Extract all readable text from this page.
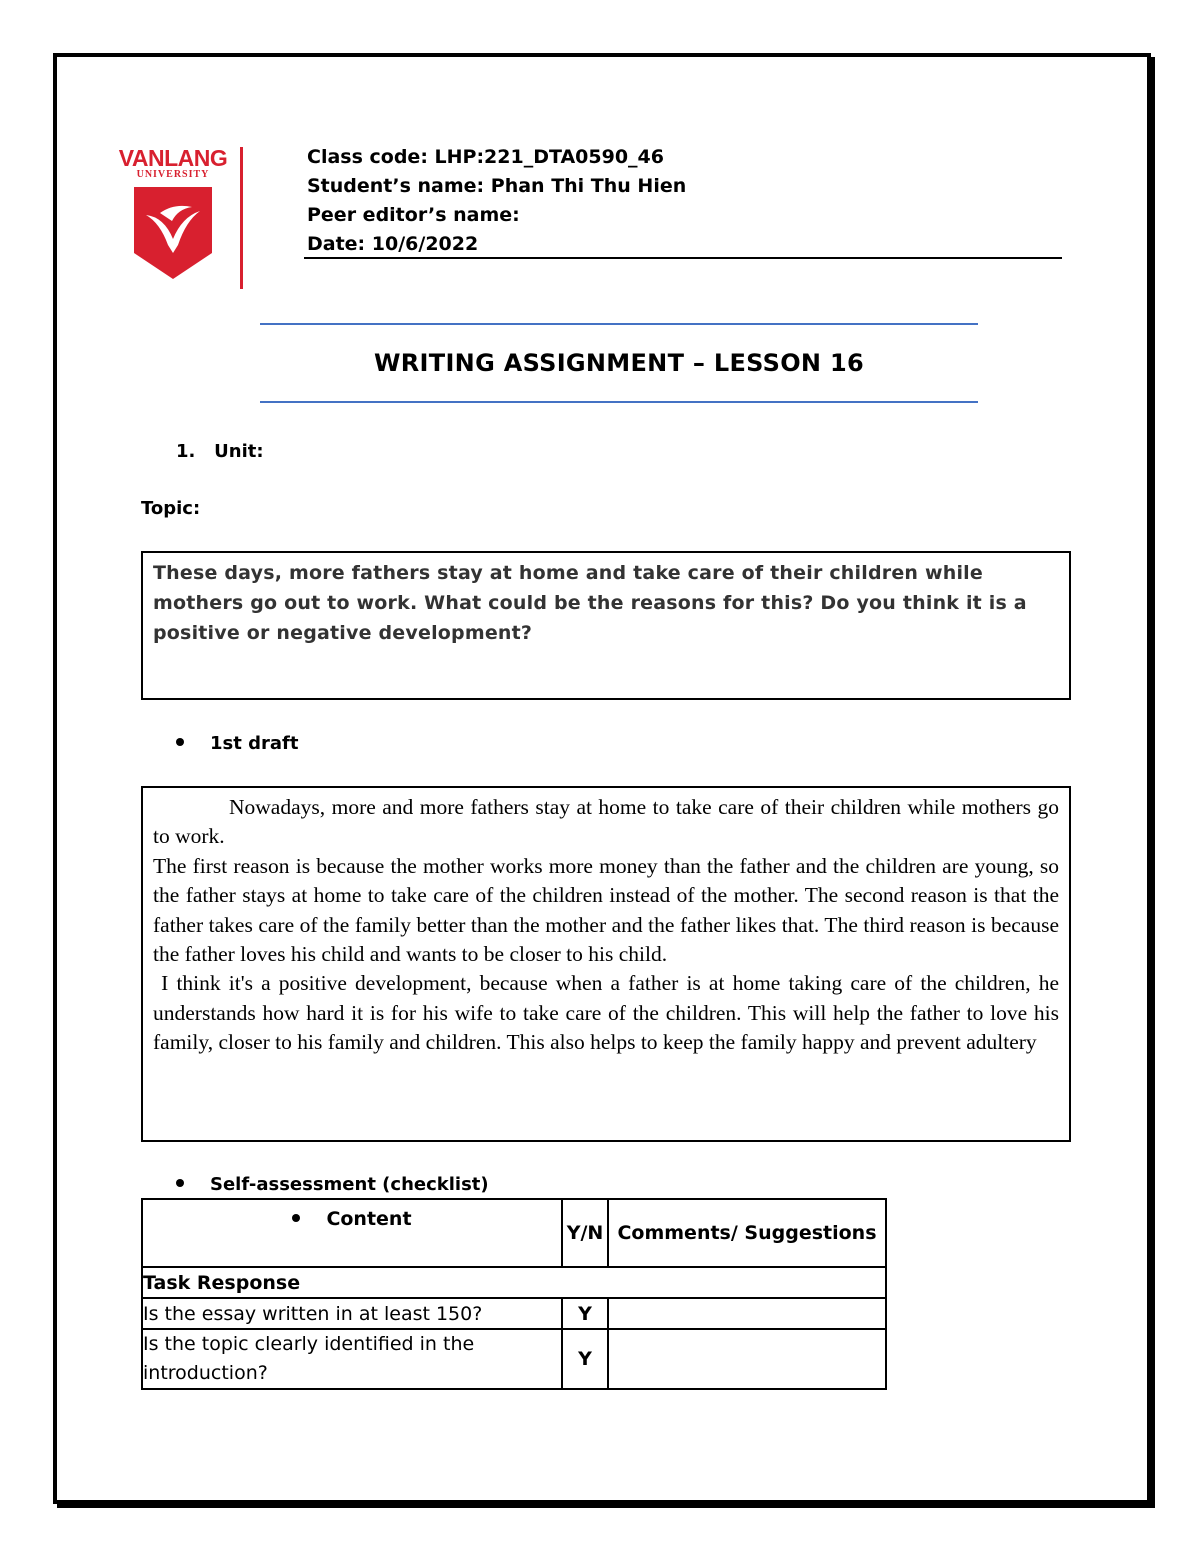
VANLANG
UNIVERSITY
Class code: LHP:221_DTA0590_46
Student’s name: Phan Thi Thu Hien
Peer editor’s name:
Date: 10/6/2022
WRITING ASSIGNMENT – LESSON 16
1.   Unit:
Topic:
These days, more fathers stay at home and take care of their children while mothers go out to work. What could be the reasons for this? Do you think it is a positive or negative development?
1st draft

Nowadays, more and more fathers stay at home to take care of their children while mothers go to work.

The first reason is because the mother works more money than the father and the children are young, so the father stays at home to take care of the children instead of the mother. The second reason is that the father takes care of the family better than the mother and the father likes that. The third reason is because the father loves his child and wants to be closer to his child.

I think it's a positive development, because when a father is at home taking care of the children, he understands how hard it is for his wife to take care of the children. This will help the father to love his family, closer to his family and children. This also helps to keep the family happy and prevent adultery

Self-assessment (checklist)
Content	Y/N	Comments/ Suggestions
Task Response		
Is the essay written in at least 150?	Y	
Is the topic clearly identified in the introduction?	Y	
